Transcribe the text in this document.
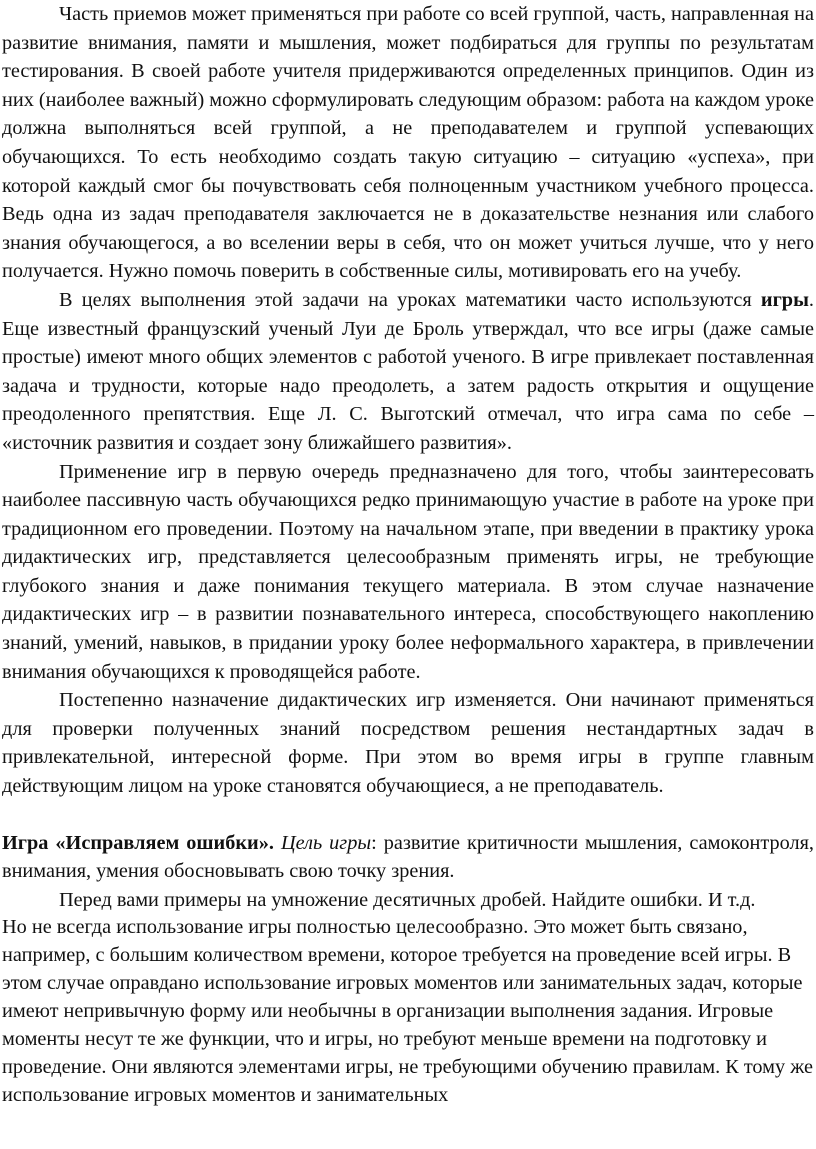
Часть приемов может применяться при работе со всей группой, часть, направленная на развитие внимания, памяти и мышления, может подбираться для группы по результатам тестирования. В своей работе учителя придерживаются определенных принципов. Один из них (наиболее важный) можно сформулировать следующим образом: работа на каждом уроке должна выполняться всей группой, а не преподавателем и группой успевающих обучающихся. То есть необходимо создать такую ситуацию – ситуацию «успеха», при которой каждый смог бы почувствовать себя полноценным участником учебного процесса. Ведь одна из задач преподавателя заключается не в доказательстве незнания или слабого знания обучающегося, а во вселении веры в себя, что он может учиться лучше, что у него получается. Нужно помочь поверить в собственные силы, мотивировать его на учебу.

В целях выполнения этой задачи на уроках математики часто используются игры. Еще известный французский ученый Луи де Броль утверждал, что все игры (даже самые простые) имеют много общих элементов с работой ученого. В игре привлекает поставленная задача и трудности, которые надо преодолеть, а затем радость открытия и ощущение преодоленного препятствия. Еще Л. С. Выготский отмечал, что игра сама по себе – «источник развития и создает зону ближайшего развития».

Применение игр в первую очередь предназначено для того, чтобы заинтересовать наиболее пассивную часть обучающихся редко принимающую участие в работе на уроке при традиционном его проведении. Поэтому на начальном этапе, при введении в практику урока дидактических игр, представляется целесообразным применять игры, не требующие глубокого знания и даже понимания текущего материала. В этом случае назначение дидактических игр – в развитии познавательного интереса, способствующего накоплению знаний, умений, навыков, в придании уроку более неформального характера, в привлечении внимания обучающихся к проводящейся работе.

Постепенно назначение дидактических игр изменяется. Они начинают применяться для проверки полученных знаний посредством решения нестандартных задач в привлекательной, интересной форме. При этом во время игры в группе главным действующим лицом на уроке становятся обучающиеся, а не преподаватель.

Игра «Исправляем ошибки». Цель игры: развитие критичности мышления, самоконтроля, внимания, умения обосновывать свою точку зрения.

Перед вами примеры на умножение десятичных дробей. Найдите ошибки. И т.д.

Но не всегда использование игры полностью целесообразно. Это может быть связано, например, с большим количеством времени, которое требуется на проведение всей игры. В этом случае оправдано использование игровых моментов или занимательных задач, которые имеют непривычную форму или необычны в организации выполнения задания. Игровые моменты несут те же функции, что и игры, но требуют меньше времени на подготовку и проведение. Они являются элементами игры, не требующими обучению правилам. К тому же использование игровых моментов и занимательных
